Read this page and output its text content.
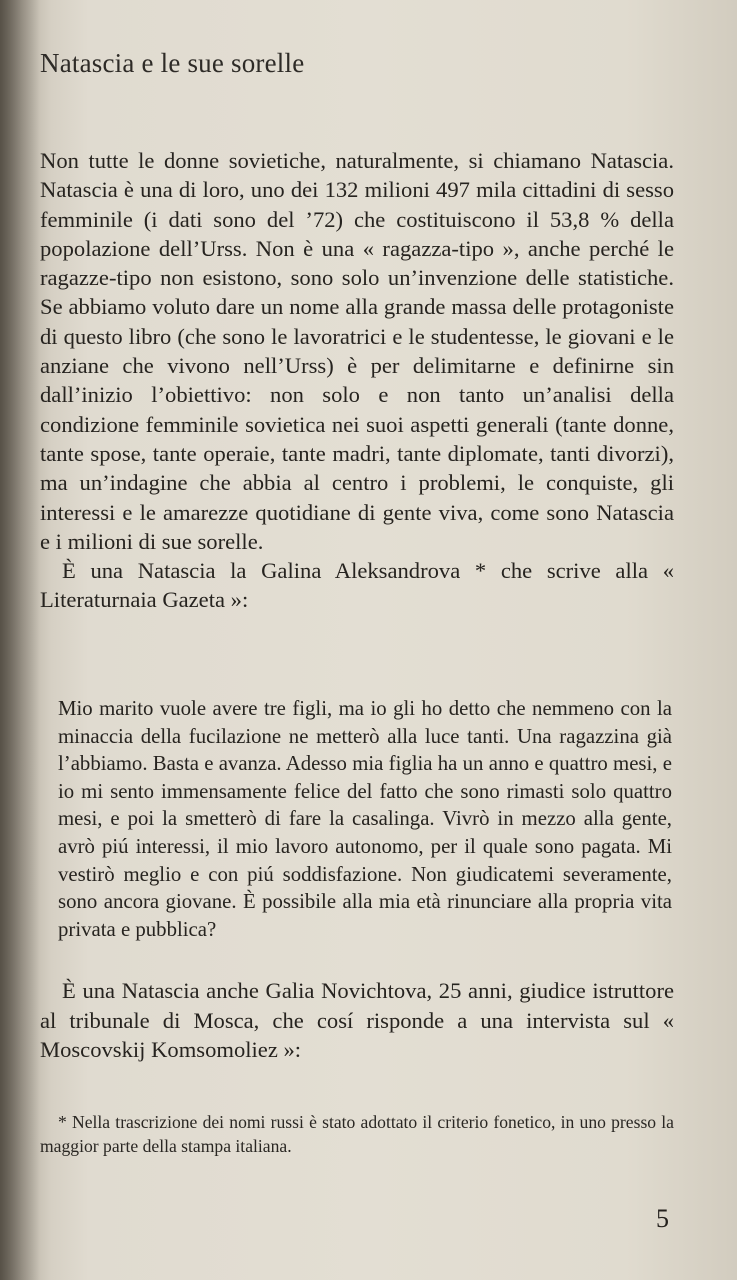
Natascia e le sue sorelle

Non tutte le donne sovietiche, naturalmente, si chiamano Natascia. Natascia è una di loro, uno dei 132 milioni 497 mila cittadini di sesso femminile (i dati sono del ’72) che costituiscono il 53,8 % della popolazione dell’Urss. Non è una « ragazza-tipo », anche perché le ragazze-tipo non esistono, sono solo un’invenzione delle statistiche. Se abbiamo voluto dare un nome alla grande massa delle protagoniste di questo libro (che sono le lavoratrici e le studentesse, le giovani e le anziane che vivono nell’Urss) è per delimitarne e definirne sin dall’inizio l’obiettivo: non solo e non tanto un’analisi della condizione femminile sovietica nei suoi aspetti generali (tante donne, tante spose, tante operaie, tante madri, tante diplomate, tanti divorzi), ma un’indagine che abbia al centro i problemi, le conquiste, gli interessi e le amarezze quotidiane di gente viva, come sono Natascia e i milioni di sue sorelle.

È una Natascia la Galina Aleksandrova * che scrive alla « Literaturnaia Gazeta »:

Mio marito vuole avere tre figli, ma io gli ho detto che nemmeno con la minaccia della fucilazione ne metterò alla luce tanti. Una ragazzina già l’abbiamo. Basta e avanza. Adesso mia figlia ha un anno e quattro mesi, e io mi sento immensamente felice del fatto che sono rimasti solo quattro mesi, e poi la smetterò di fare la casalinga. Vivrò in mezzo alla gente, avrò piú interessi, il mio lavoro autonomo, per il quale sono pagata. Mi vestirò meglio e con piú soddisfazione. Non giudicatemi severamente, sono ancora giovane. È possibile alla mia età rinunciare alla propria vita privata e pubblica?

È una Natascia anche Galia Novichtova, 25 anni, giudice istruttore al tribunale di Mosca, che cosí risponde a una intervista sul « Moscovskij Komsomoliez »:

* Nella trascrizione dei nomi russi è stato adottato il criterio fonetico, in uno presso la maggior parte della stampa italiana.

5
